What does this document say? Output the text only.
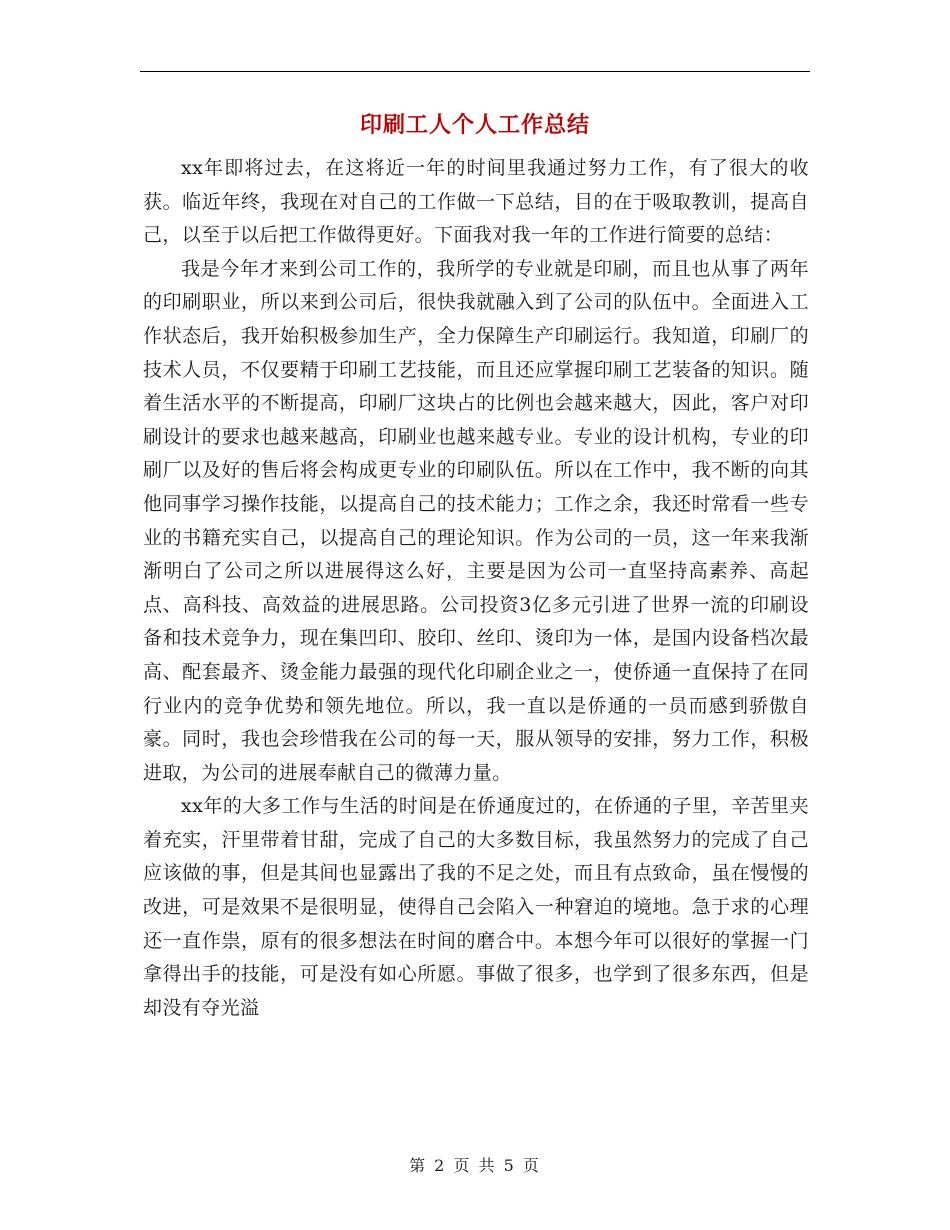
印刷工人个人工作总结

xx年即将过去，在这将近一年的时间里我通过努力工作，有了很大的收获。临近年终，我现在对自己的工作做一下总结，目的在于吸取教训，提高自己，以至于以后把工作做得更好。下面我对我一年的工作进行简要的总结：

我是今年才来到公司工作的，我所学的专业就是印刷，而且也从事了两年的印刷职业，所以来到公司后，很快我就融入到了公司的队伍中。全面进入工作状态后，我开始积极参加生产，全力保障生产印刷运行。我知道，印刷厂的技术人员，不仅要精于印刷工艺技能，而且还应掌握印刷工艺装备的知识。随着生活水平的不断提高，印刷厂这块占的比例也会越来越大，因此，客户对印刷设计的要求也越来越高，印刷业也越来越专业。专业的设计机构，专业的印刷厂以及好的售后将会构成更专业的印刷队伍。所以在工作中，我不断的向其他同事学习操作技能，以提高自己的技术能力；工作之余，我还时常看一些专业的书籍充实自己，以提高自己的理论知识。作为公司的一员，这一年来我渐渐明白了公司之所以进展得这么好，主要是因为公司一直坚持高素养、高起点、高科技、高效益的进展思路。公司投资3亿多元引进了世界一流的印刷设备和技术竞争力，现在集凹印、胶印、丝印、烫印为一体，是国内设备档次最高、配套最齐、烫金能力最强的现代化印刷企业之一，使侨通一直保持了在同行业内的竞争优势和领先地位。所以，我一直以是侨通的一员而感到骄傲自豪。同时，我也会珍惜我在公司的每一天，服从领导的安排，努力工作，积极进取，为公司的进展奉献自己的微薄力量。

xx年的大多工作与生活的时间是在侨通度过的，在侨通的子里，辛苦里夹着充实，汗里带着甘甜，完成了自己的大多数目标，我虽然努力的完成了自己应该做的事，但是其间也显露出了我的不足之处，而且有点致命，虽在慢慢的改进，可是效果不是很明显，使得自己会陷入一种窘迫的境地。急于求的心理还一直作祟，原有的很多想法在时间的磨合中。本想今年可以很好的掌握一门拿得出手的技能，可是没有如心所愿。事做了很多，也学到了很多东西，但是却没有夺光溢

第 2 页 共 5 页
